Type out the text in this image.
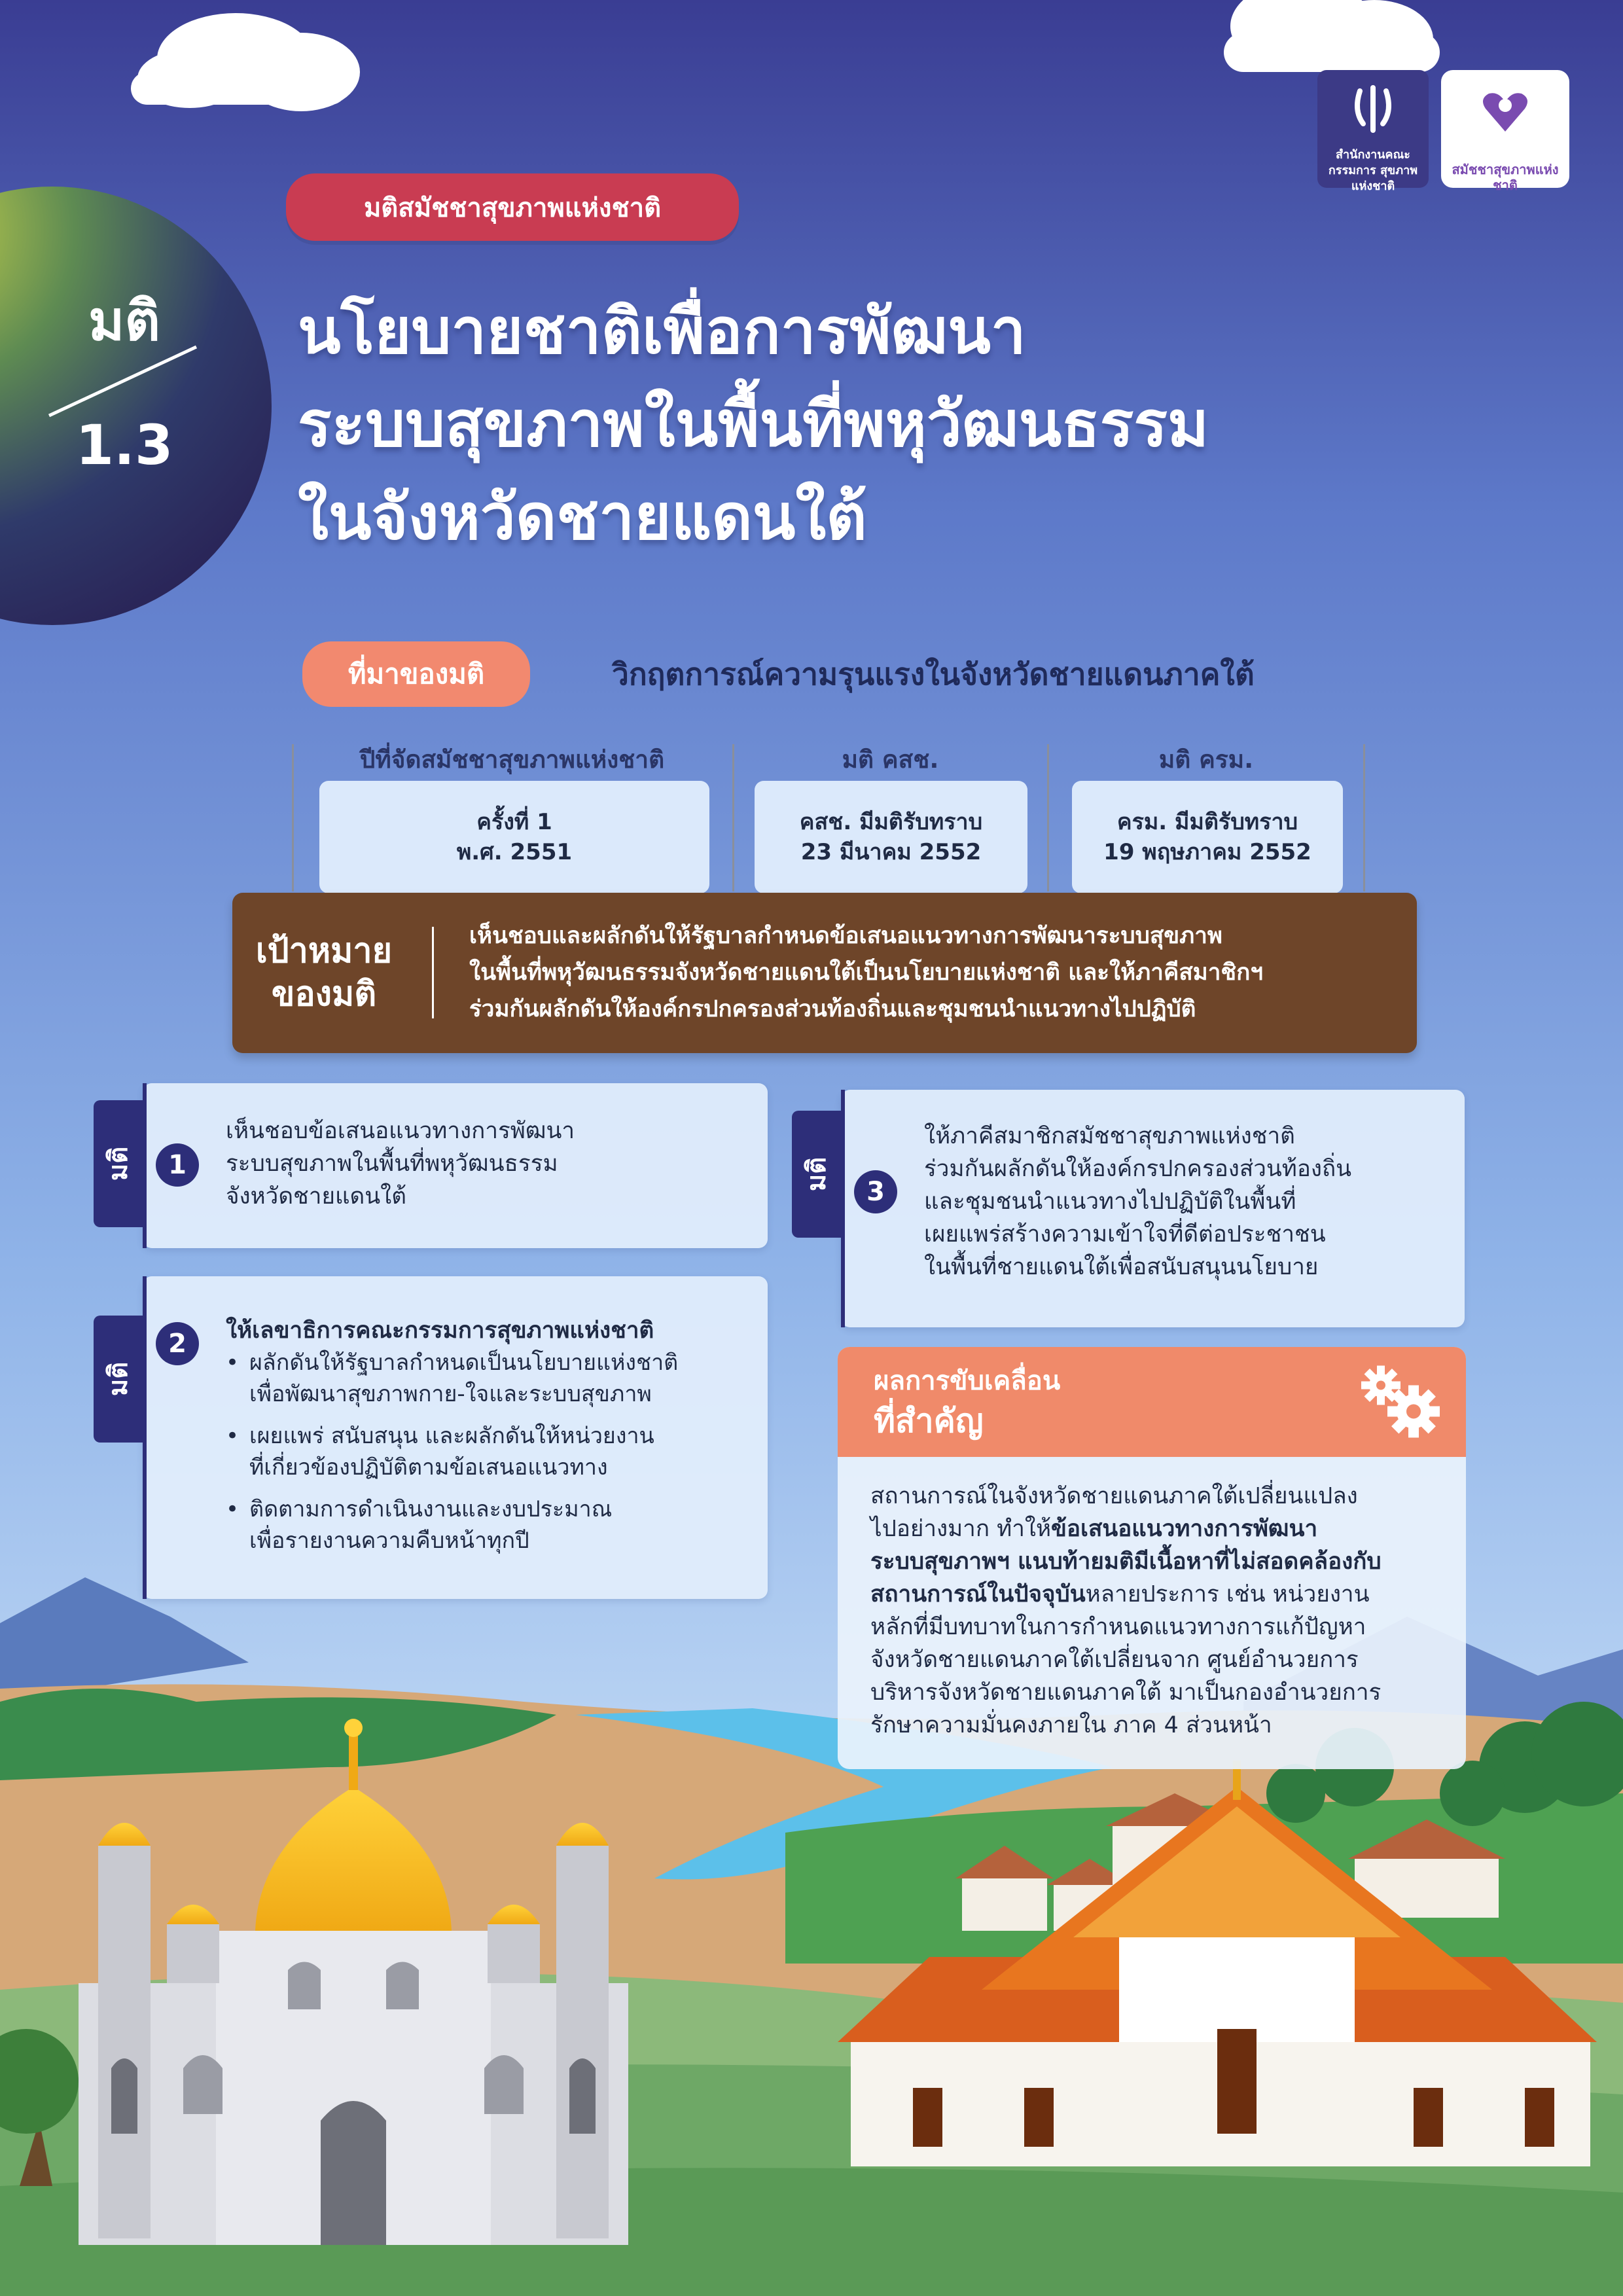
สำนักงานคณะกรรมการ สุขภาพแห่งชาติ
สมัชชาสุขภาพแห่งชาติ
มติสมัชชาสุขภาพแห่งชาติ
มติ
1.3
นโยบายชาติเพื่อการพัฒนา
ระบบสุขภาพในพื้นที่พหุวัฒนธรรม
ในจังหวัดชายแดนใต้
ที่มาของมติ	วิกฤตการณ์ความรุนแรงในจังหวัดชายแดนภาคใต้
ปีที่จัดสมัชชาสุขภาพแห่งชาติ
ครั้งที่ 1
พ.ศ. 2551
มติ คสช.
คสช. มีมติรับทราบ
23 มีนาคม 2552
มติ ครม.
ครม. มีมติรับทราบ
19 พฤษภาคม 2552
เป้าหมาย
ของมติ
เห็นชอบและผลักดันให้รัฐบาลกำหนดข้อเสนอแนวทางการพัฒนาระบบสุขภาพ
ในพื้นที่พหุวัฒนธรรมจังหวัดชายแดนใต้เป็นนโยบายแห่งชาติ และให้ภาคีสมาชิกฯ
ร่วมกันผลักดันให้องค์กรปกครองส่วนท้องถิ่นและชุมชนนำแนวทางไปปฏิบัติ
1
เห็นชอบข้อเสนอแนวทางการพัฒนา
ระบบสุขภาพในพื้นที่พหุวัฒนธรรม
จังหวัดชายแดนใต้
มติ
2	ให้เลขาธิการคณะกรรมการสุขภาพแห่งชาติ
• ผลักดันให้รัฐบาลกำหนดเป็นนโยบายแห่งชาติ
เพื่อพัฒนาสุขภาพกาย-ใจและระบบสุขภาพ
• เผยแพร่ สนับสนุน และผลักดันให้หน่วยงาน
ที่เกี่ยวข้องปฏิบัติตามข้อเสนอแนวทาง
• ติดตามการดำเนินงานและงบประมาณ
เพื่อรายงานความคืบหน้าทุกปี
มติ
3
ให้ภาคีสมาชิกสมัชชาสุขภาพแห่งชาติ
ร่วมกันผลักดันให้องค์กรปกครองส่วนท้องถิ่น
และชุมชนนำแนวทางไปปฏิบัติในพื้นที่
เผยแพร่สร้างความเข้าใจที่ดีต่อประชาชน
ในพื้นที่ชายแดนใต้เพื่อสนับสนุนนโยบาย
มติ
ผลการขับเคลื่อน
ที่สำคัญ
สถานการณ์ในจังหวัดชายแดนภาคใต้เปลี่ยนแปลง
ไปอย่างมาก ทำให้ข้อเสนอแนวทางการพัฒนา
ระบบสุขภาพฯ แนบท้ายมติมีเนื้อหาที่ไม่สอดคล้องกับ
สถานการณ์ในปัจจุบันหลายประการ เช่น หน่วยงาน
หลักที่มีบทบาทในการกำหนดแนวทางการแก้ปัญหา
จังหวัดชายแดนภาคใต้เปลี่ยนจาก ศูนย์อำนวยการ
บริหารจังหวัดชายแดนภาคใต้ มาเป็นกองอำนวยการ
รักษาความมั่นคงภายใน ภาค 4 ส่วนหน้า
